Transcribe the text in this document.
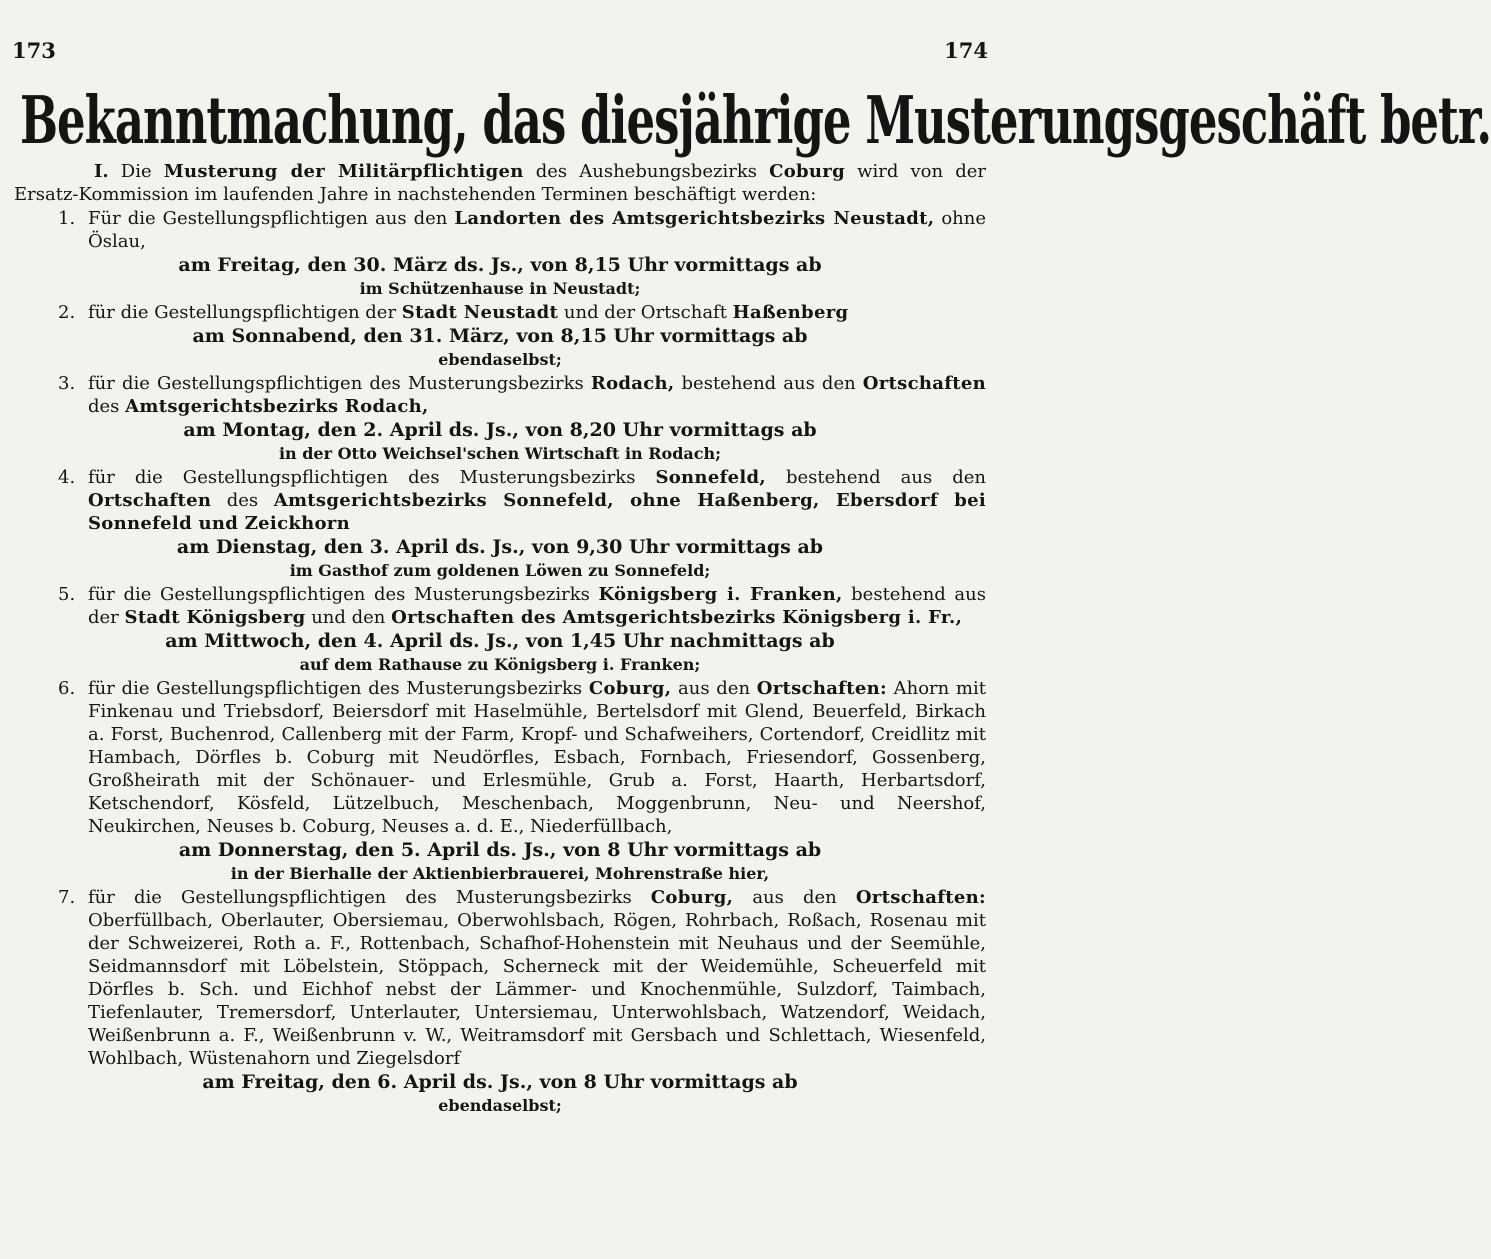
173	174
Bekanntmachung, das diesjährige Musterungsgeschäft betr.

I. Die Musterung der Militärpflichtigen des Aushebungsbezirks Coburg wird von der Ersatz-Kommission im laufenden Jahre in nachstehenden Terminen beschäftigt werden:

1. Für die Gestellungspflichtigen aus den Landorten des Amtsgerichtsbezirks Neustadt, ohne Öslau,

am Freitag, den 30. März ds. Js., von 8,15 Uhr vormittags ab

im Schützenhause in Neustadt;

2. für die Gestellungspflichtigen der Stadt Neustadt und der Ortschaft Haßenberg

am Sonnabend, den 31. März, von 8,15 Uhr vormittags ab

ebendaselbst;

3. für die Gestellungspflichtigen des Musterungsbezirks Rodach, bestehend aus den Ortschaften des Amtsgerichtsbezirks Rodach,

am Montag, den 2. April ds. Js., von 8,20 Uhr vormittags ab

in der Otto Weichsel'schen Wirtschaft in Rodach;

4. für die Gestellungspflichtigen des Musterungsbezirks Sonnefeld, bestehend aus den Ortschaften des Amtsgerichtsbezirks Sonnefeld, ohne Haßenberg, Ebersdorf bei Sonnefeld und Zeickhorn

am Dienstag, den 3. April ds. Js., von 9,30 Uhr vormittags ab

im Gasthof zum goldenen Löwen zu Sonnefeld;

5. für die Gestellungspflichtigen des Musterungsbezirks Königsberg i. Franken, bestehend aus der Stadt Königsberg und den Ortschaften des Amtsgerichtsbezirks Königsberg i. Fr.,

am Mittwoch, den 4. April ds. Js., von 1,45 Uhr nachmittags ab

auf dem Rathause zu Königsberg i. Franken;

6. für die Gestellungspflichtigen des Musterungsbezirks Coburg, aus den Ortschaften: Ahorn mit Finkenau und Triebsdorf, Beiersdorf mit Haselmühle, Bertelsdorf mit Glend, Beuerfeld, Birkach a. Forst, Buchenrod, Callenberg mit der Farm, Kropf- und Schafweihers, Cortendorf, Creidlitz mit Hambach, Dörfles b. Coburg mit Neudörfles, Esbach, Fornbach, Friesendorf, Gossenberg, Großheirath mit der Schönauer- und Erlesmühle, Grub a. Forst, Haarth, Herbartsdorf, Ketschendorf, Kösfeld, Lützelbuch, Meschenbach, Moggenbrunn, Neu- und Neershof, Neukirchen, Neuses b. Coburg, Neuses a. d. E., Niederfüllbach,

am Donnerstag, den 5. April ds. Js., von 8 Uhr vormittags ab

in der Bierhalle der Aktienbierbrauerei, Mohrenstraße hier,

7. für die Gestellungspflichtigen des Musterungsbezirks Coburg, aus den Ortschaften: Oberfüllbach, Oberlauter, Obersiemau, Oberwohlsbach, Rögen, Rohrbach, Roßach, Rosenau mit der Schweizerei, Roth a. F., Rottenbach, Schafhof-Hohenstein mit Neuhaus und der Seemühle, Seidmannsdorf mit Löbelstein, Stöppach, Scherneck mit der Weidemühle, Scheuerfeld mit Dörfles b. Sch. und Eichhof nebst der Lämmer- und Knochenmühle, Sulzdorf, Taimbach, Tiefenlauter, Tremersdorf, Unterlauter, Untersiemau, Unterwohlsbach, Watzendorf, Weidach, Weißenbrunn a. F., Weißenbrunn v. W., Weitramsdorf mit Gersbach und Schlettach, Wiesenfeld, Wohlbach, Wüstenahorn und Ziegelsdorf

am Freitag, den 6. April ds. Js., von 8 Uhr vormittags ab

ebendaselbst;
